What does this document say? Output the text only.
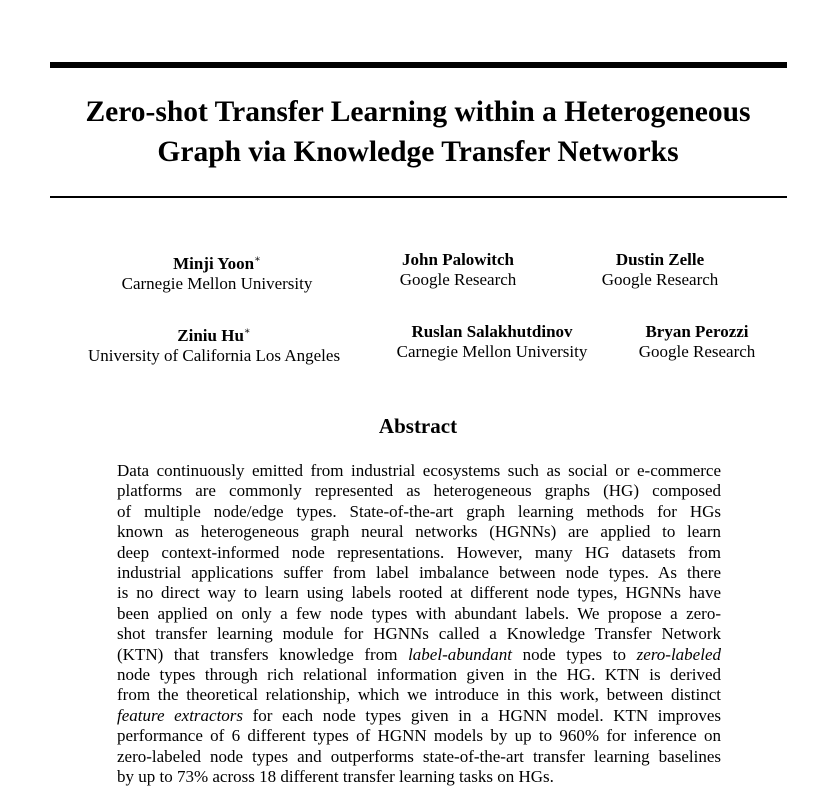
Zero-shot Transfer Learning within a Heterogeneous
Graph via Knowledge Transfer Networks
Minji Yoon∗
Carnegie Mellon University
John Palowitch
Google Research
Dustin Zelle
Google Research
Ziniu Hu∗
University of California Los Angeles
Ruslan Salakhutdinov
Carnegie Mellon University
Bryan Perozzi
Google Research
Abstract
Data continuously emitted from industrial ecosystems such as social or e-commerce
platforms are commonly represented as heterogeneous graphs (HG) composed
of multiple node/edge types. State-of-the-art graph learning methods for HGs
known as heterogeneous graph neural networks (HGNNs) are applied to learn
deep context-informed node representations. However, many HG datasets from
industrial applications suffer from label imbalance between node types. As there
is no direct way to learn using labels rooted at different node types, HGNNs have
been applied on only a few node types with abundant labels. We propose a zero-
shot transfer learning module for HGNNs called a Knowledge Transfer Network
(KTN) that transfers knowledge from label-abundant node types to zero-labeled
node types through rich relational information given in the HG. KTN is derived
from the theoretical relationship, which we introduce in this work, between distinct
feature extractors for each node types given in a HGNN model. KTN improves
performance of 6 different types of HGNN models by up to 960% for inference on
zero-labeled node types and outperforms state-of-the-art transfer learning baselines
by up to 73% across 18 different transfer learning tasks on HGs.
